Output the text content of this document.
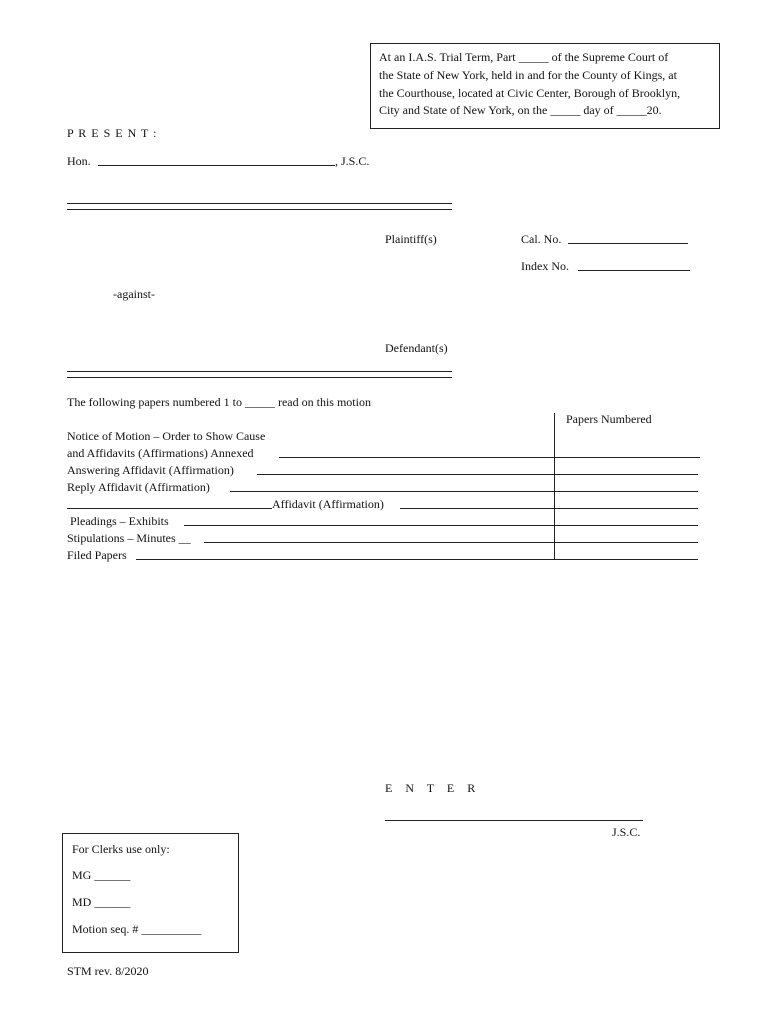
At an I.A.S. Trial Term, Part _____ of the Supreme Court of
the State of New York, held in and for the County of Kings, at
the Courthouse, located at Civic Center, Borough of Brooklyn,
City and State of New York, on the _____ day of _____20.
P R E S E N T :
Hon.	, J.S.C.
Plaintiff(s)	Cal. No.
Index No.
-against-
Defendant(s)
The following papers numbered 1 to _____ read on this motion
Papers Numbered
Notice of Motion – Order to Show Cause
and Affidavits (Affirmations) Annexed
Answering Affidavit (Affirmation)
Reply Affidavit (Affirmation)
Affidavit (Affirmation)
Pleadings – Exhibits
Stipulations – Minutes __
Filed Papers
E N T E R
J.S.C.
For Clerks use only:
MG ______
MD ______
Motion seq. # __________
STM rev. 8/2020
